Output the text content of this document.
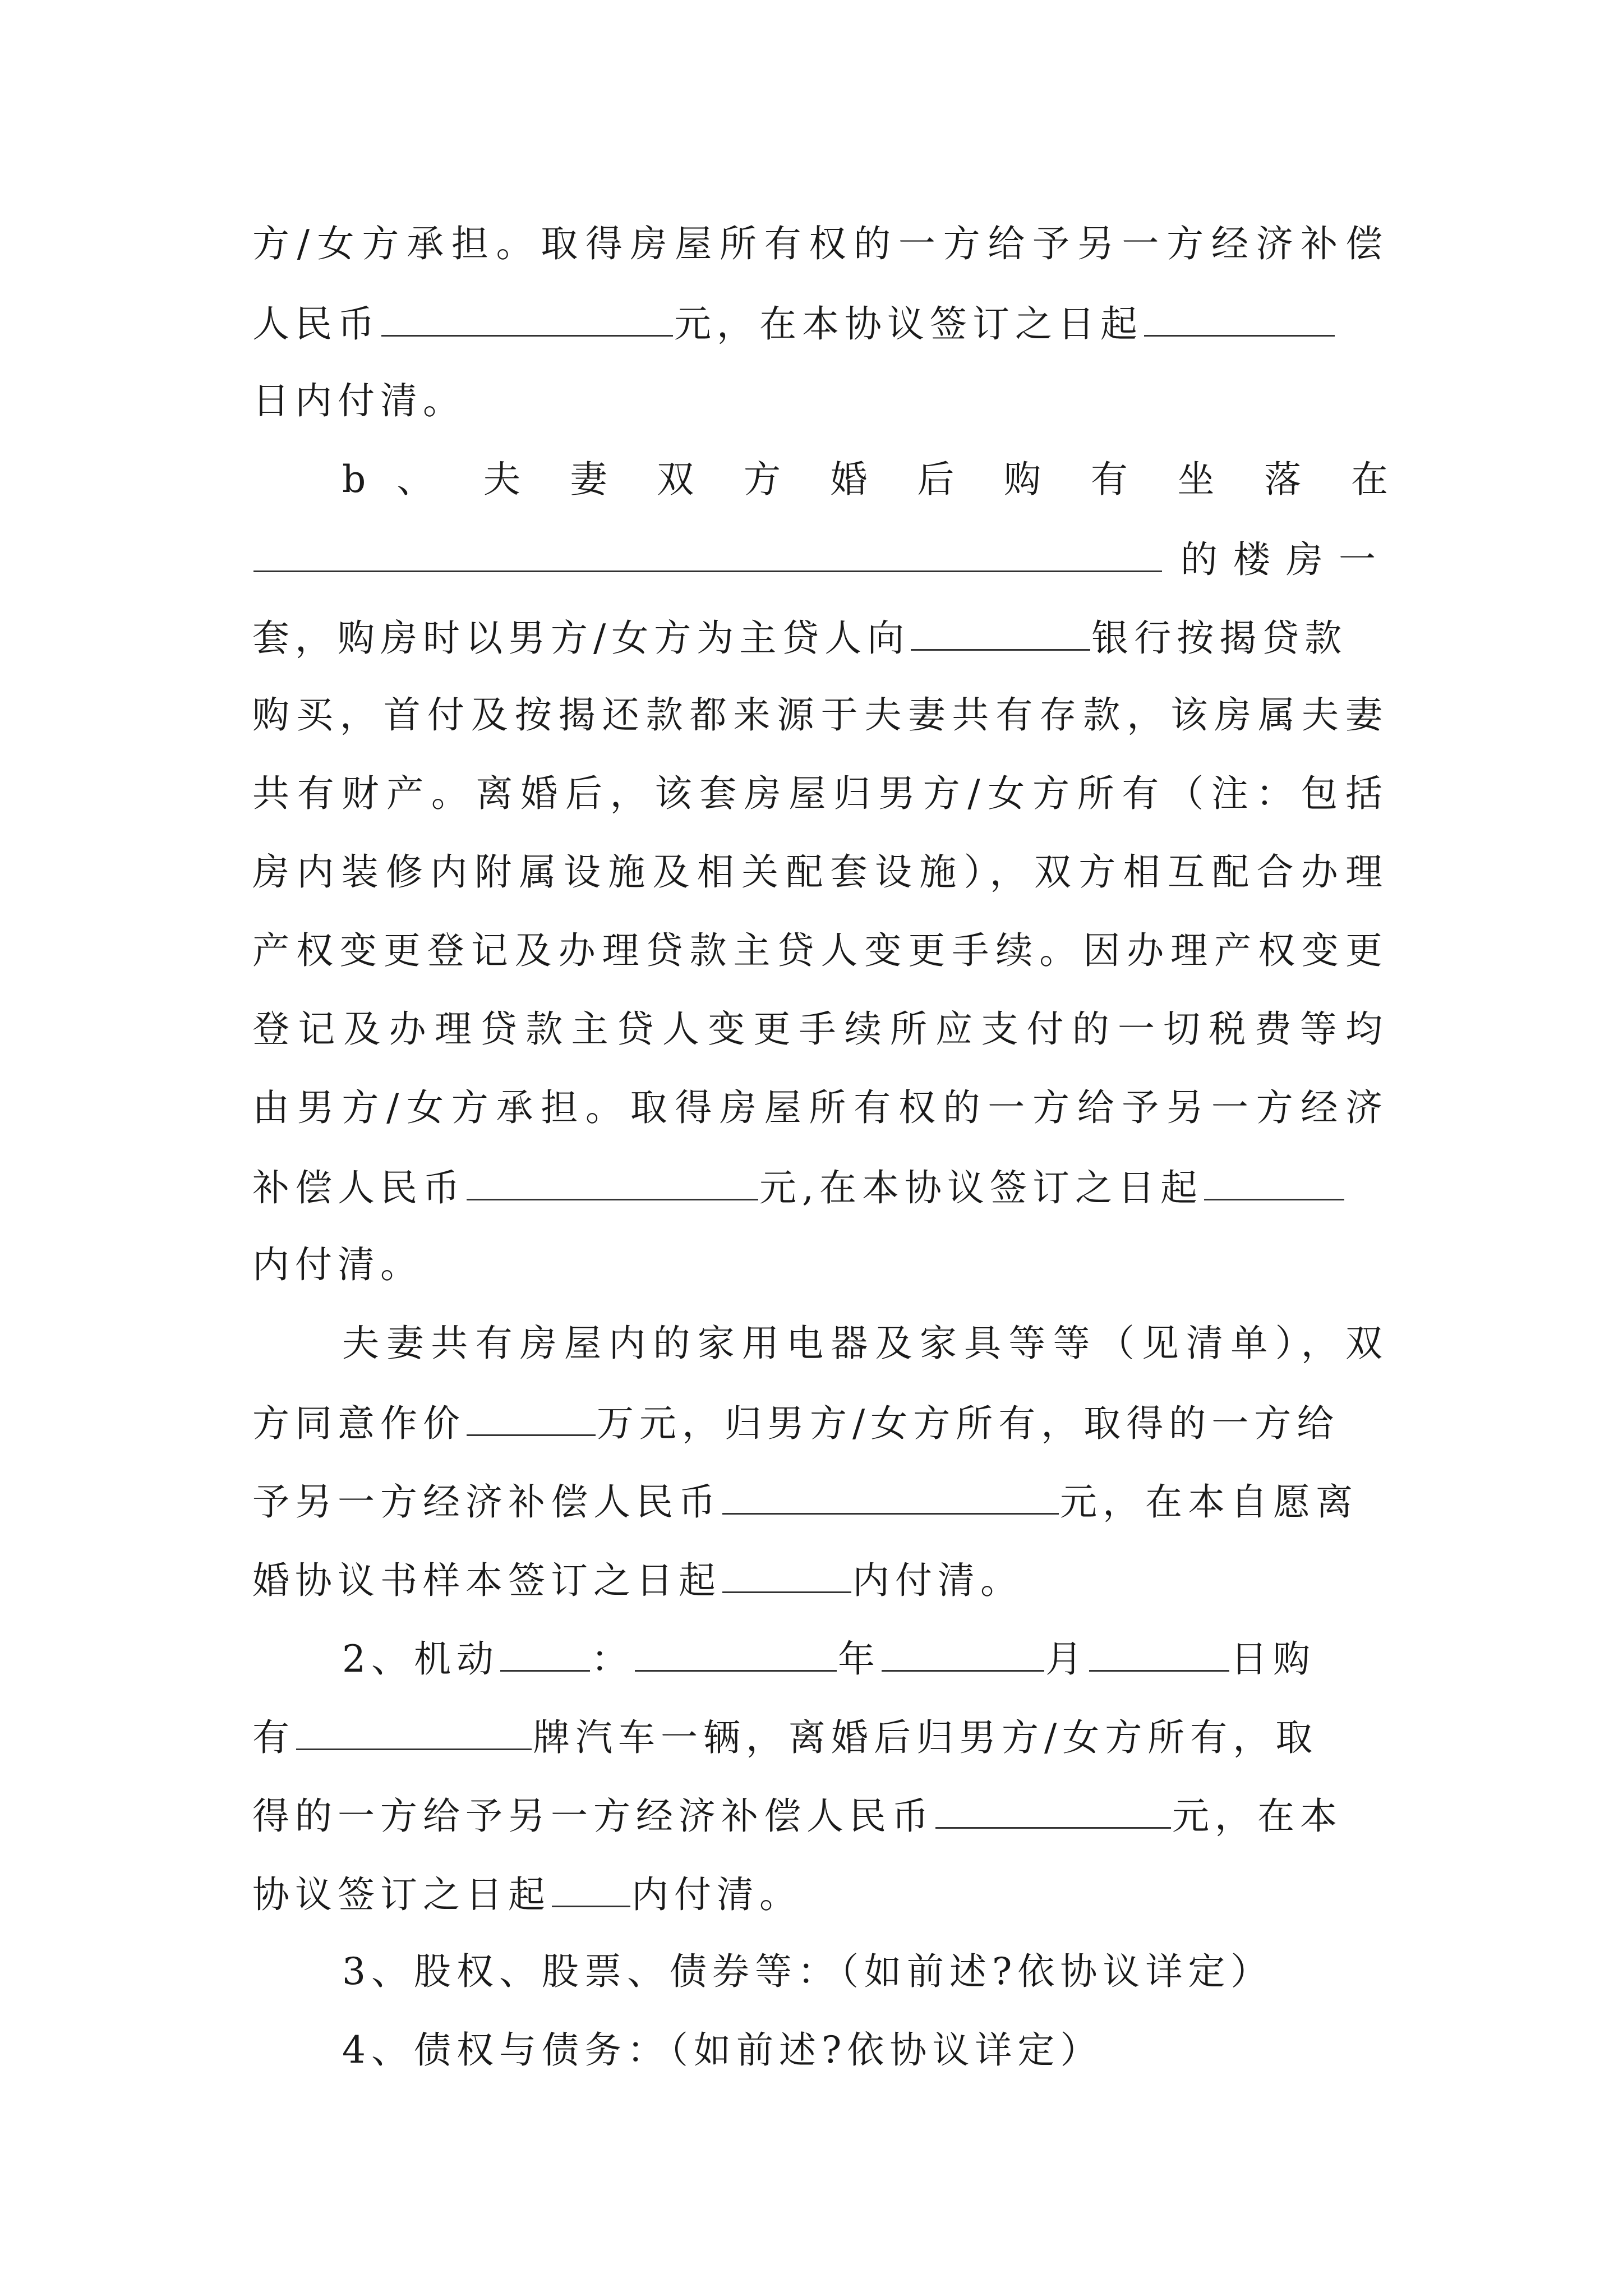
方/女方承担。取得房屋所有权的一方给予另一方经济补偿
人民币	元，在本协议签订之日起
日内付清。
b 、 夫 妻 双 方 婚 后 购 有 坐 落 在
的楼房一
套，购房时以男方/女方为主贷人向	银行按揭贷款
购买，首付及按揭还款都来源于夫妻共有存款，该房属夫妻
共有财产。离婚后，该套房屋归男方/女方所有（注：包括
房内装修内附属设施及相关配套设施），双方相互配合办理
产权变更登记及办理贷款主贷人变更手续。因办理产权变更
登记及办理贷款主贷人变更手续所应支付的一切税费等均
由男方/女方承担。取得房屋所有权的一方给予另一方经济
补偿人民币	元,在本协议签订之日起
内付清。
夫妻共有房屋内的家用电器及家具等等（见清单），双
方同意作价	万元，归男方/女方所有，取得的一方给
予另一方经济补偿人民币	元，在本自愿离
婚协议书样本签订之日起	内付清。
2、机动 ：	年	月	日购
有	牌汽车一辆，离婚后归男方/女方所有，取
得的一方给予另一方经济补偿人民币	元，在本
协议签订之日起 内付清。
3、股权、股票、债券等：（如前述?依协议详定）
4、债权与债务：（如前述?依协议详定）
